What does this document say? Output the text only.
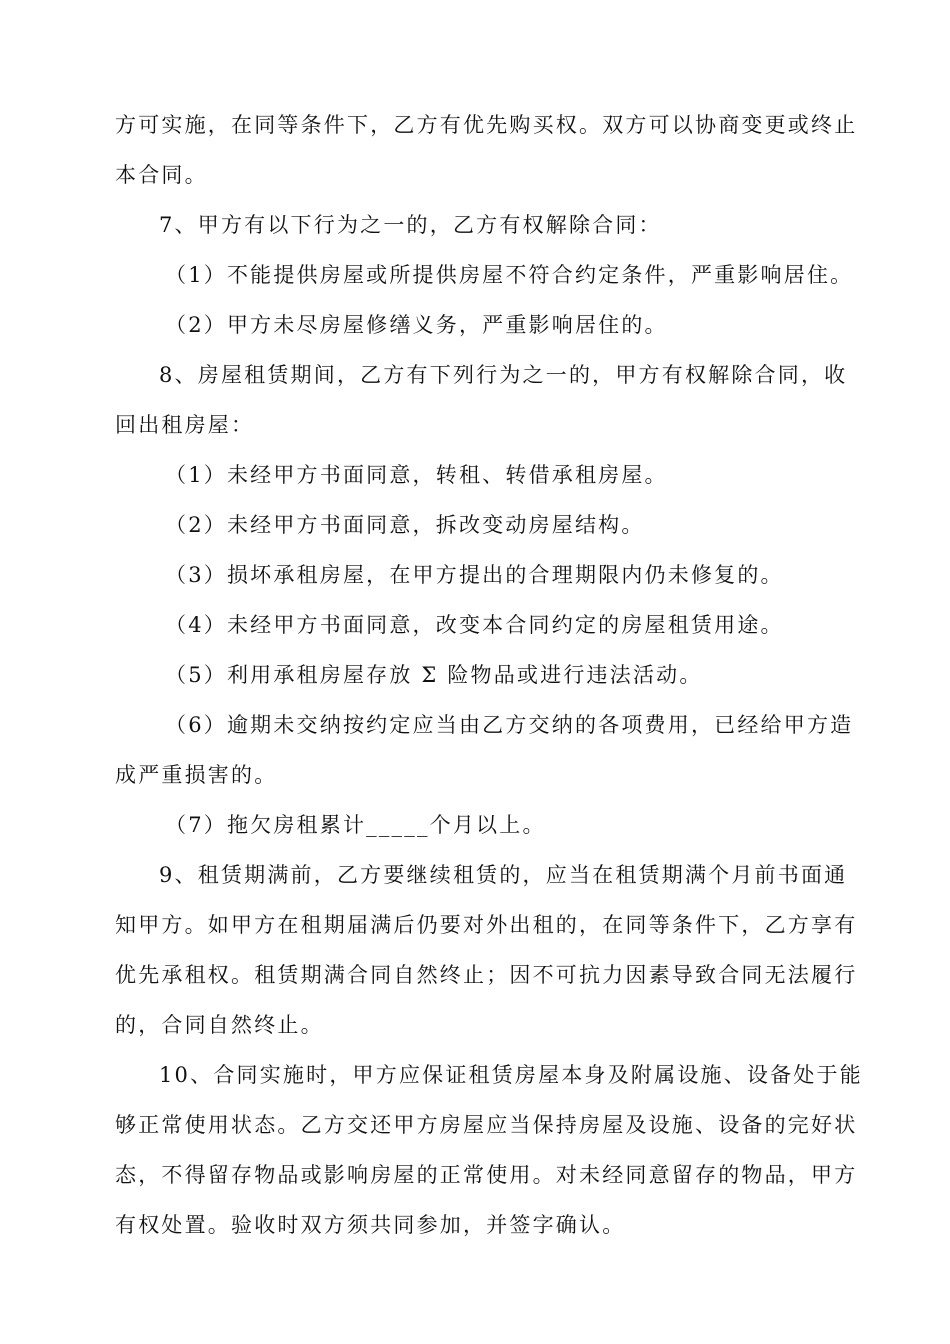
方可实施，在同等条件下，乙方有优先购买权。双方可以协商变更或终止
本合同。
7、甲方有以下行为之一的，乙方有权解除合同：
（1）不能提供房屋或所提供房屋不符合约定条件，严重影响居住。
（2）甲方未尽房屋修缮义务，严重影响居住的。
8、房屋租赁期间，乙方有下列行为之一的，甲方有权解除合同，收
回出租房屋：
（1）未经甲方书面同意，转租、转借承租房屋。
（2）未经甲方书面同意，拆改变动房屋结构。
（3）损坏承租房屋，在甲方提出的合理期限内仍未修复的。
（4）未经甲方书面同意，改变本合同约定的房屋租赁用途。
（5）利用承租房屋存放 Σ 险物品或进行违法活动。
（6）逾期未交纳按约定应当由乙方交纳的各项费用，已经给甲方造
成严重损害的。
（7）拖欠房租累计_____个月以上。
9、租赁期满前，乙方要继续租赁的，应当在租赁期满个月前书面通
知甲方。如甲方在租期届满后仍要对外出租的，在同等条件下，乙方享有
优先承租权。租赁期满合同自然终止；因不可抗力因素导致合同无法履行
的，合同自然终止。
10、合同实施时，甲方应保证租赁房屋本身及附属设施、设备处于能
够正常使用状态。乙方交还甲方房屋应当保持房屋及设施、设备的完好状
态，不得留存物品或影响房屋的正常使用。对未经同意留存的物品，甲方
有权处置。验收时双方须共同参加，并签字确认。
